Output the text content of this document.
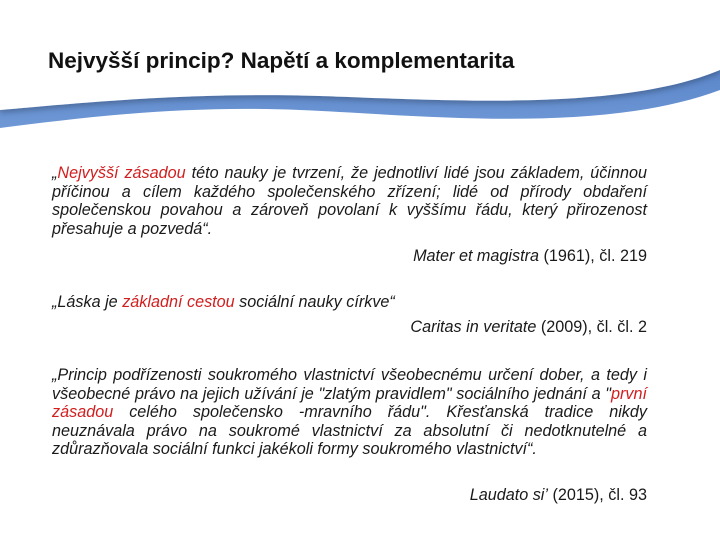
Nejvyšší princip? Napětí a komplementarita

„Nejvyšší zásadou této nauky je tvrzení, že jednotliví lidé jsou základem, účinnou příčinou a cílem každého společenského zřízení; lidé od přírody obdaření společenskou povahou a zároveň povolaní k vyššímu řádu, který přirozenost přesahuje a pozvedá“.

Mater et magistra (1961), čl. 219

„Láska je základní cestou sociální nauky církve“

Caritas in veritate (2009), čl. čl. 2

„Princip podřízenosti soukromého vlastnictví všeobecnému určení dober, a tedy i všeobecné právo na jejich užívání je "zlatým pravidlem" sociálního jednání a "první zásadou celého společensko -mravního řádu". Křesťanská tradice nikdy neuznávala právo na soukromé vlastnictví za absolutní či nedotknutelné a zdůrazňovala sociální funkci jakékoli formy soukromého vlastnictví“.

Laudato si’ (2015), čl. 93
